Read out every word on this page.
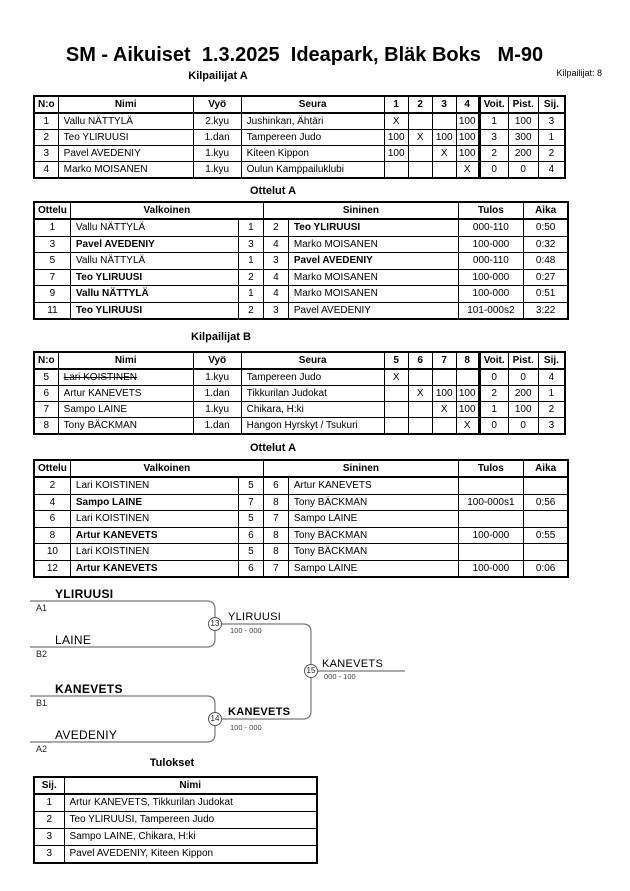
SM - Aikuiset  1.3.2025  Ideapark, Bläk Boks   M-90
Kilpailijat A	Kilpailijat: 8
N:o	Nimi	Vyö	Seura	1	2	3	4	Voit.	Pist.	Sij.
1	Vallu NÄTTYLÄ	2.kyu	Jushinkan, Ähtäri	X			100	1	100	3
2	Teo YLIRUUSI	1.dan	Tampereen Judo	100	X	100	100	3	300	1
3	Pavel AVEDENIY	1.kyu	Kiteen Kippon	100		X	100	2	200	2
4	Marko MOISANEN	1.kyu	Oulun Kamppailuklubi				X	0	0	4
Ottelut A
Ottelu	Valkoinen		Sininen		Tulos	Aika
1	Vallu NÄTTYLÄ	1	2	Teo YLIRUUSI	000-110	0:50
3	Pavel AVEDENIY	3	4	Marko MOISANEN	100-000	0:32
5	Vallu NÄTTYLÄ	1	3	Pavel AVEDENIY	000-110	0:48
7	Teo YLIRUUSI	2	4	Marko MOISANEN	100-000	0:27
9	Vallu NÄTTYLÄ	1	4	Marko MOISANEN	100-000	0:51
11	Teo YLIRUUSI	2	3	Pavel AVEDENIY	101-000s2	3:22
Kilpailijat B
N:o	Nimi	Vyö	Seura	5	6	7	8	Voit.	Pist.	Sij.
5	Lari KOISTINEN	1.kyu	Tampereen Judo	X				0	0	4
6	Artur KANEVETS	1.dan	Tikkurilan Judokat		X	100	100	2	200	1
7	Sampo LAINE	1.kyu	Chikara, H:ki			X	100	1	100	2
8	Tony BÄCKMAN	1.dan	Hangon Hyrskyt / Tsukuri				X	0	0	3
Ottelut A
Ottelu	Valkoinen		Sininen		Tulos	Aika
2	Lari KOISTINEN	5	6	Artur KANEVETS		
4	Sampo LAINE	7	8	Tony BÄCKMAN	100-000s1	0:56
6	Lari KOISTINEN	5	7	Sampo LAINE		
8	Artur KANEVETS	6	8	Tony BÄCKMAN	100-000	0:55
10	Lari KOISTINEN	5	8	Tony BÄCKMAN		
12	Artur KANEVETS	6	7	Sampo LAINE	100-000	0:06
YLIRUUSI
A1
LAINE
B2
KANEVETS
B1
AVEDENIY
A2
13
YLIRUUSI
100 - 000
14
KANEVETS
100 - 000
15
KANEVETS
000 - 100
Tulokset
Sij.	Nimi
1	Artur KANEVETS, Tikkurilan Judokat
2	Teo YLIRUUSI, Tampereen Judo
3	Sampo LAINE, Chikara, H:ki
3	Pavel AVEDENIY, Kiteen Kippon
